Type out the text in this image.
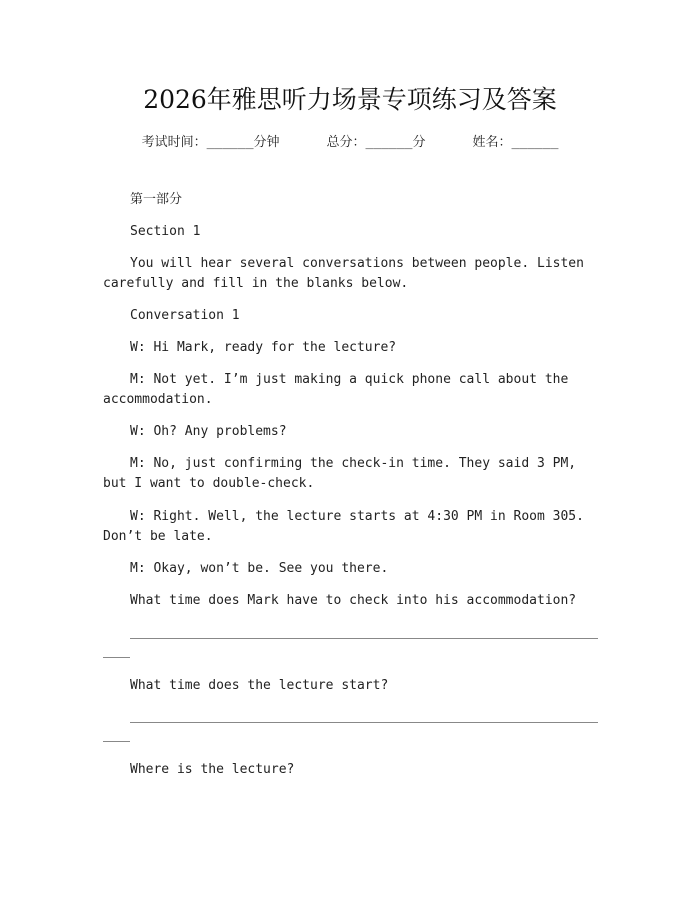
2026年雅思听力场景专项练习及答案
考试时间：______分钟	总分：______分	姓名：______
第一部分
Section 1
You will hear several conversations between people. Listen carefully and fill in the blanks below.
Conversation 1
W: Hi Mark, ready for the lecture?
M: Not yet. I’m just making a quick phone call about the accommodation.
W: Oh? Any problems?
M: No, just confirming the check-in time. They said 3 PM, but I want to double-check.
W: Right. Well, the lecture starts at 4:30 PM in Room 305. Don’t be late.
M: Okay, won’t be. See you there.
What time does Mark have to check into his accommodation?
What time does the lecture start?
Where is the lecture?
